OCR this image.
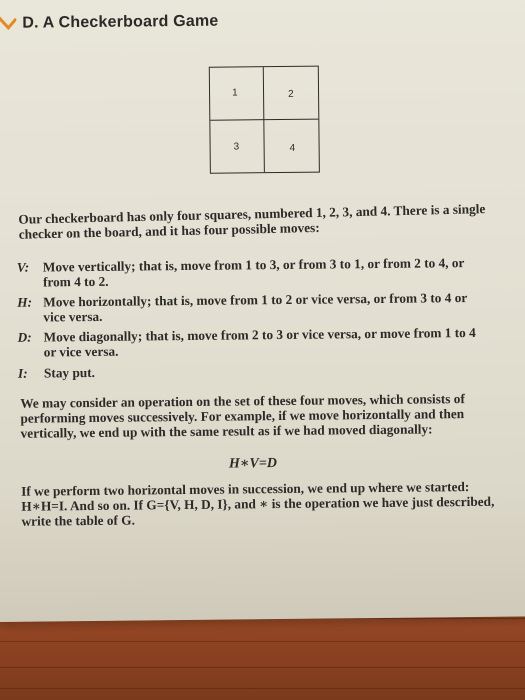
D. A Checkerboard Game
1	2
3	4
Our checkerboard has only four squares, numbered 1, 2, 3, and 4. There is a single checker on the board, and it has four possible moves:
V: Move vertically; that is, move from 1 to 3, or from 3 to 1, or from 2 to 4, or
from 4 to 2.
H: Move horizontally; that is, move from 1 to 2 or vice versa, or from 3 to 4 or
vice versa.
D: Move diagonally; that is, move from 2 to 3 or vice versa, or move from 1 to 4
or vice versa.
I: Stay put.
We may consider an operation on the set of these four moves, which consists of performing moves successively. For example, if we move horizontally and then vertically, we end up with the same result as if we had moved diagonally:
H∗V=D
If we perform two horizontal moves in succession, we end up where we started: H∗H=I. And so on. If G={V, H, D, I}, and ∗ is the operation we have just described, write the table of G.
